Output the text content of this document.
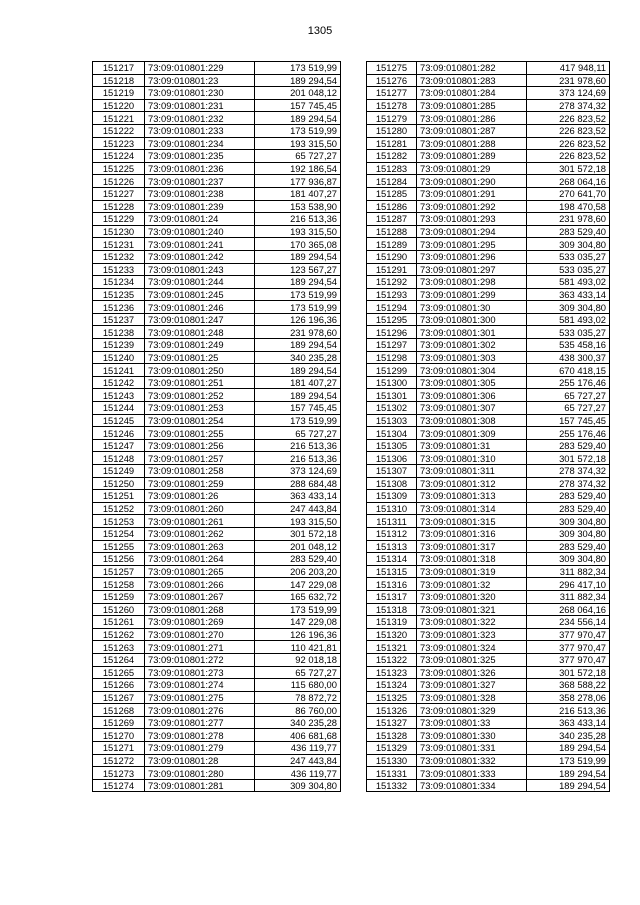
1305
151217	73:09:010801:229	173 519,99
151218	73:09:010801:23	189 294,54
151219	73:09:010801:230	201 048,12
151220	73:09:010801:231	157 745,45
151221	73:09:010801:232	189 294,54
151222	73:09:010801:233	173 519,99
151223	73:09:010801:234	193 315,50
151224	73:09:010801:235	65 727,27
151225	73:09:010801:236	192 186,54
151226	73:09:010801:237	177 936,87
151227	73:09:010801:238	181 407,27
151228	73:09:010801:239	153 538,90
151229	73:09:010801:24	216 513,36
151230	73:09:010801:240	193 315,50
151231	73:09:010801:241	170 365,08
151232	73:09:010801:242	189 294,54
151233	73:09:010801:243	123 567,27
151234	73:09:010801:244	189 294,54
151235	73:09:010801:245	173 519,99
151236	73:09:010801:246	173 519,99
151237	73:09:010801:247	126 196,36
151238	73:09:010801:248	231 978,60
151239	73:09:010801:249	189 294,54
151240	73:09:010801:25	340 235,28
151241	73:09:010801:250	189 294,54
151242	73:09:010801:251	181 407,27
151243	73:09:010801:252	189 294,54
151244	73:09:010801:253	157 745,45
151245	73:09:010801:254	173 519,99
151246	73:09:010801:255	65 727,27
151247	73:09:010801:256	216 513,36
151248	73:09:010801:257	216 513,36
151249	73:09:010801:258	373 124,69
151250	73:09:010801:259	288 684,48
151251	73:09:010801:26	363 433,14
151252	73:09:010801:260	247 443,84
151253	73:09:010801:261	193 315,50
151254	73:09:010801:262	301 572,18
151255	73:09:010801:263	201 048,12
151256	73:09:010801:264	283 529,40
151257	73:09:010801:265	206 203,20
151258	73:09:010801:266	147 229,08
151259	73:09:010801:267	165 632,72
151260	73:09:010801:268	173 519,99
151261	73:09:010801:269	147 229,08
151262	73:09:010801:270	126 196,36
151263	73:09:010801:271	110 421,81
151264	73:09:010801:272	92 018,18
151265	73:09:010801:273	65 727,27
151266	73:09:010801:274	115 680,00
151267	73:09:010801:275	78 872,72
151268	73:09:010801:276	86 760,00
151269	73:09:010801:277	340 235,28
151270	73:09:010801:278	406 681,68
151271	73:09:010801:279	436 119,77
151272	73:09:010801:28	247 443,84
151273	73:09:010801:280	436 119,77
151274	73:09:010801:281	309 304,80
151275	73:09:010801:282	417 948,11
151276	73:09:010801:283	231 978,60
151277	73:09:010801:284	373 124,69
151278	73:09:010801:285	278 374,32
151279	73:09:010801:286	226 823,52
151280	73:09:010801:287	226 823,52
151281	73:09:010801:288	226 823,52
151282	73:09:010801:289	226 823,52
151283	73:09:010801:29	301 572,18
151284	73:09:010801:290	268 064,16
151285	73:09:010801:291	270 641,70
151286	73:09:010801:292	198 470,58
151287	73:09:010801:293	231 978,60
151288	73:09:010801:294	283 529,40
151289	73:09:010801:295	309 304,80
151290	73:09:010801:296	533 035,27
151291	73:09:010801:297	533 035,27
151292	73:09:010801:298	581 493,02
151293	73:09:010801:299	363 433,14
151294	73:09:010801:30	309 304,80
151295	73:09:010801:300	581 493,02
151296	73:09:010801:301	533 035,27
151297	73:09:010801:302	535 458,16
151298	73:09:010801:303	438 300,37
151299	73:09:010801:304	670 418,15
151300	73:09:010801:305	255 176,46
151301	73:09:010801:306	65 727,27
151302	73:09:010801:307	65 727,27
151303	73:09:010801:308	157 745,45
151304	73:09:010801:309	255 176,46
151305	73:09:010801:31	283 529,40
151306	73:09:010801:310	301 572,18
151307	73:09:010801:311	278 374,32
151308	73:09:010801:312	278 374,32
151309	73:09:010801:313	283 529,40
151310	73:09:010801:314	283 529,40
151311	73:09:010801:315	309 304,80
151312	73:09:010801:316	309 304,80
151313	73:09:010801:317	283 529,40
151314	73:09:010801:318	309 304,80
151315	73:09:010801:319	311 882,34
151316	73:09:010801:32	296 417,10
151317	73:09:010801:320	311 882,34
151318	73:09:010801:321	268 064,16
151319	73:09:010801:322	234 556,14
151320	73:09:010801:323	377 970,47
151321	73:09:010801:324	377 970,47
151322	73:09:010801:325	377 970,47
151323	73:09:010801:326	301 572,18
151324	73:09:010801:327	368 588,22
151325	73:09:010801:328	358 278,06
151326	73:09:010801:329	216 513,36
151327	73:09:010801:33	363 433,14
151328	73:09:010801:330	340 235,28
151329	73:09:010801:331	189 294,54
151330	73:09:010801:332	173 519,99
151331	73:09:010801:333	189 294,54
151332	73:09:010801:334	189 294,54
